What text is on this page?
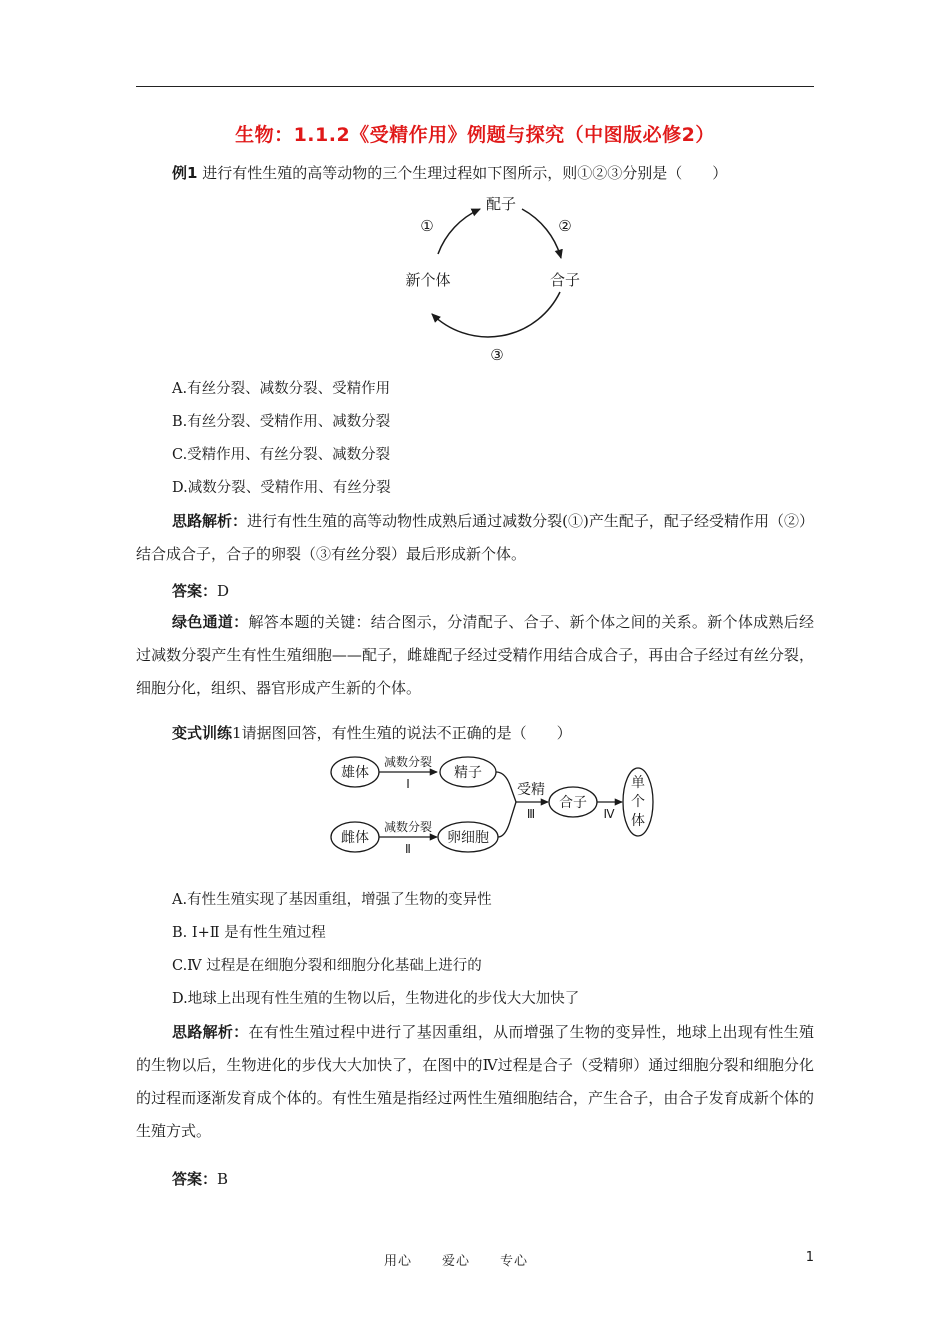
生物：1.1.2《受精作用》例题与探究（中图版必修2）
例1 进行有性生殖的高等动物的三个生理过程如下图所示，则①②③分别是（　　）
配子
合子
新个体
①	②
③
A.有丝分裂、减数分裂、受精作用
B.有丝分裂、受精作用、减数分裂
C.受精作用、有丝分裂、减数分裂
D.减数分裂、受精作用、有丝分裂
思路解析：进行有性生殖的高等动物性成熟后通过减数分裂(①)产生配子，配子经受精作用（②）结合成合子，合子的卵裂（③有丝分裂）最后形成新个体。
答案：D
绿色通道：解答本题的关键：结合图示，分清配子、合子、新个体之间的关系。新个体成熟后经过减数分裂产生有性生殖细胞——配子，雌雄配子经过受精作用结合成合子，再由合子经过有丝分裂，细胞分化，组织、器官形成产生新的个体。
变式训练1请据图回答，有性生殖的说法不正确的是（　　）
雄体
雌体
减数分裂
Ⅰ
减数分裂
Ⅱ
精子
卵细胞
受精
Ⅲ
合子
Ⅳ
单
个
体
A.有性生殖实现了基因重组，增强了生物的变异性
B. Ⅰ+Ⅱ 是有性生殖过程
C.Ⅳ 过程是在细胞分裂和细胞分化基础上进行的
D.地球上出现有性生殖的生物以后，生物进化的步伐大大加快了
思路解析：在有性生殖过程中进行了基因重组，从而增强了生物的变异性，地球上出现有性生殖的生物以后，生物进化的步伐大大加快了，在图中的Ⅳ过程是合子（受精卵）通过细胞分裂和细胞分化的过程而逐渐发育成个体的。有性生殖是指经过两性生殖细胞结合，产生合子，由合子发育成新个体的生殖方式。
答案：B
用心 爱心 专心	1
